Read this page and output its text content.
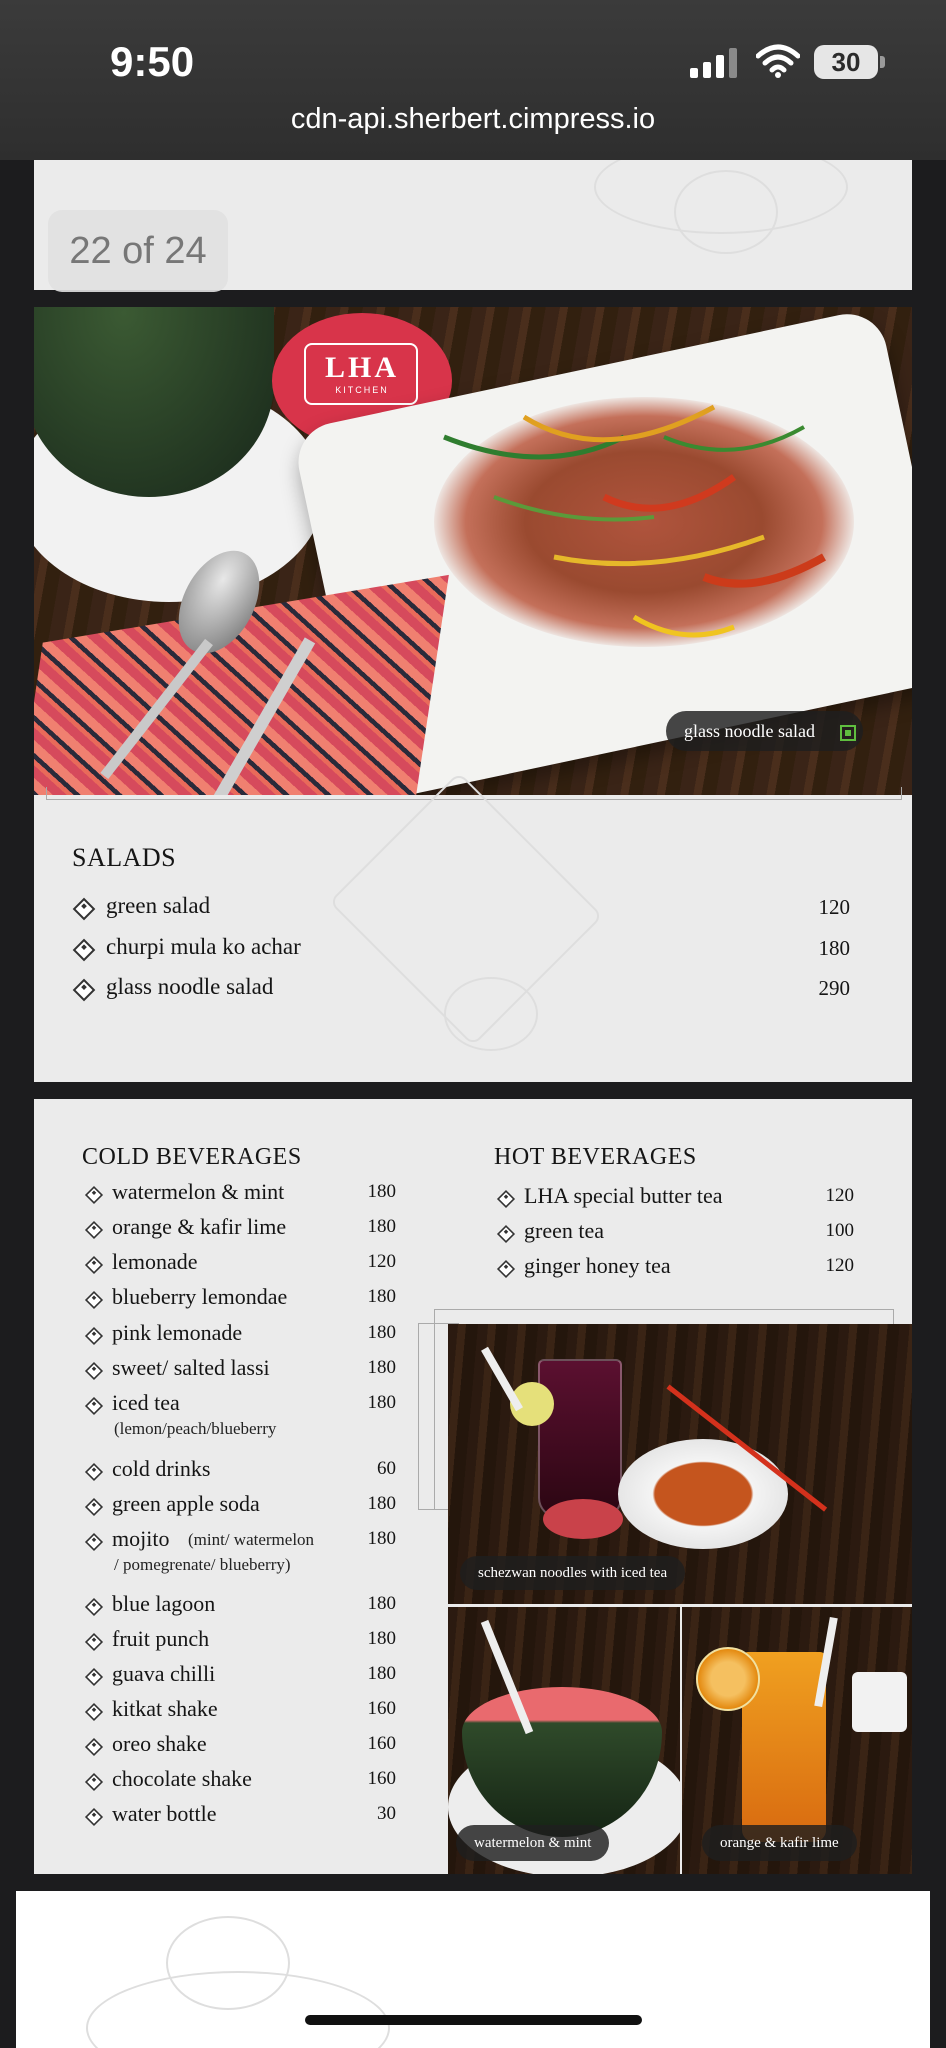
9:50	30
cdn-api.sherbert.cimpress.io
22 of 24
LHA
KITCHEN
glass noodle salad
SALADS
green salad	120
churpi mula ko achar	180
glass noodle salad	290
COLD BEVERAGES	HOT BEVERAGES
watermelon & mint	180
orange & kafir lime	180
lemonade	120
blueberry lemondae	180
pink lemonade	180
sweet/ salted lassi	180
iced tea	180
(lemon/peach/blueberry
cold drinks	60
green apple soda	180
mojito	180
(mint/ watermelon
/ pomegrenate/ blueberry)
blue lagoon	180
fruit punch	180
guava chilli	180
kitkat shake	160
oreo shake	160
chocolate shake	160
water bottle	30
LHA special butter tea	120
green tea	100
ginger honey tea	120
schezwan noodles with iced tea
watermelon & mint	orange & kafir lime
